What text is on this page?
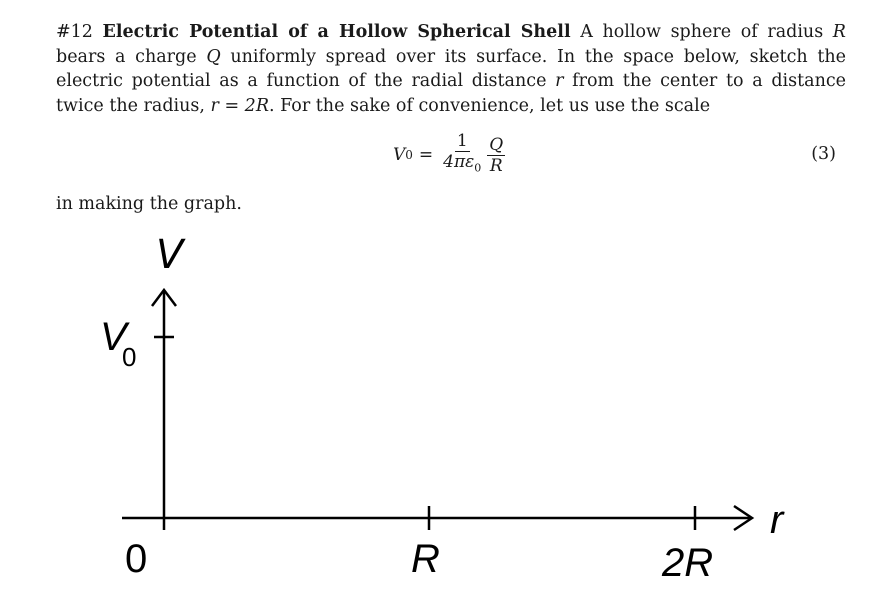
#12 Electric Potential of a Hollow Spherical Shell A hollow sphere of radius R bears a charge Q uniformly spread over its surface. In the space below, sketch the electric potential as a function of the radial distance r from the center to a distance twice the radius, r = 2R. For the sake of convenience, let us use the scale
V $0 = \frac{1}{4\pi\varepsilon_0} \frac{Q}{R}$	(3)
in making the graph.
V
V
0
r
0	R	2R
